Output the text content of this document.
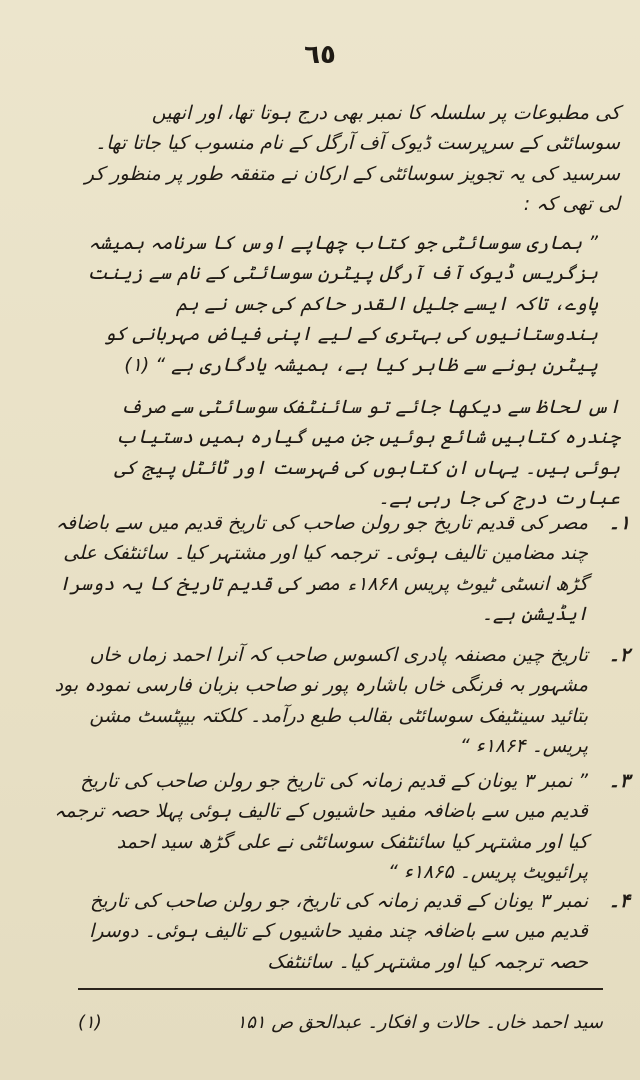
٦٥

کی مطبوعات پر سلسلہ کا نمبر بھی درج ہوتا تھا، اور انھیں سوسائٹی کے سرپرست ڈیوک آف آرگل کے نام منسوب کیا جاتا تھا۔ سرسید کی یہ تجویز سوسائٹی کے ارکان نے متفقہ طور پر منظور کر لی تھی کہ :

” ہماری سوسائٹی جو کتاب چھاپے اوس کا سرنامہ ہمیشہ ہزگریس ڈیوک آف آرگل پیٹرن سوسائٹی کے نام سے زینت پاوے، تاکہ ایسے جلیل القدر حاکم کی جس نے ہم ہندوستانیوں کی بہتری کے لیے اپنی فیاض مہربانی کو پیٹرن ہونے سے ظاہر کیا ہے، ہمیشہ یادگاری ہے “ (۱)

اس لحاظ سے دیکھا جائے تو سائنٹفک سوسائٹی سے صرف چندرہ کتابیں شائع ہوئیں جن میں گیارہ ہمیں دستیاب ہوئی ہیں۔ یہاں ان کتابوں کی فہرست اور ٹائٹل پیج کی عبارت درج کی جا رہی ہے۔

۱۔
مصر کی قدیم تاریخ جو رولن صاحب کی تاریخ قدیم میں سے باضافہ چند مضامین تالیف ہوئی۔ ترجمہ کیا اور مشتہر کیا۔ سائنٹفک علی گڑھ انسٹی ٹیوٹ پریس ۱۸۶۸ء مصر کی قدیم تاریخ کا یہ دوسرا ایڈیشن ہے۔
۲۔
تاریخ چین مصنفہ پادری اکسوس صاحب کہ آنرا احمد زماں خاں مشہور بہ فرنگی خاں باشارہ پور نو صاحب بزبان فارسی نمودہ بود بتائید سینٹیفک سوسائٹی بقالب طبع درآمد۔ کلکتہ بیپٹسٹ مشن پریس۔ ۱۸۶۴ء “
۳۔
” نمبر ۳ یونان کے قدیم زمانہ کی تاریخ جو رولن صاحب کی تاریخ قدیم میں سے باضافہ مفید حاشیوں کے تالیف ہوئی پہلا حصہ ترجمہ کیا اور مشتہر کیا سائنٹفک سوسائٹی نے علی گڑھ سید احمد پرائیویٹ پریس۔ ۱۸۶۵ء “
۴۔
نمبر ۳ یونان کے قدیم زمانہ کی تاریخ، جو رولن صاحب کی تاریخ قدیم میں سے باضافہ چند مفید حاشیوں کے تالیف ہوئی۔ دوسرا حصہ ترجمہ کیا اور مشتہر کیا۔ سائنٹفک
(۱)	سید احمد خاں۔ حالات و افکار۔ عبدالحق ص ۱۵۱
